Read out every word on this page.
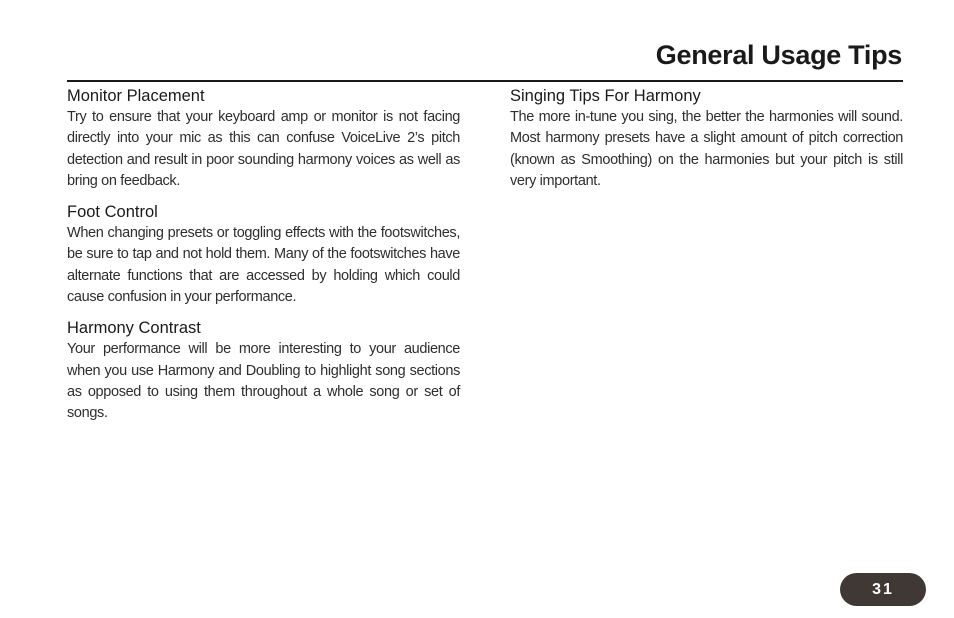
General Usage Tips
Monitor Placement

Try to ensure that your keyboard amp or monitor is not facing directly into your mic as this can confuse VoiceLive 2’s pitch detection and result in poor sounding harmony voices as well as bring on feedback.

Foot Control

When changing presets or toggling effects with the footswitches, be sure to tap and not hold them. Many of the footswitches have alternate functions that are accessed by holding which could cause confusion in your performance.

Harmony Contrast

Your performance will be more interesting to your audience when you use Harmony and Doubling to highlight song sections as opposed to using them throughout a whole song or set of songs.

Singing Tips For Harmony

The more in-tune you sing, the better the harmonies will sound. Most harmony presets have a slight amount of pitch correction (known as Smoothing) on the harmonies but your pitch is still very important.

31
